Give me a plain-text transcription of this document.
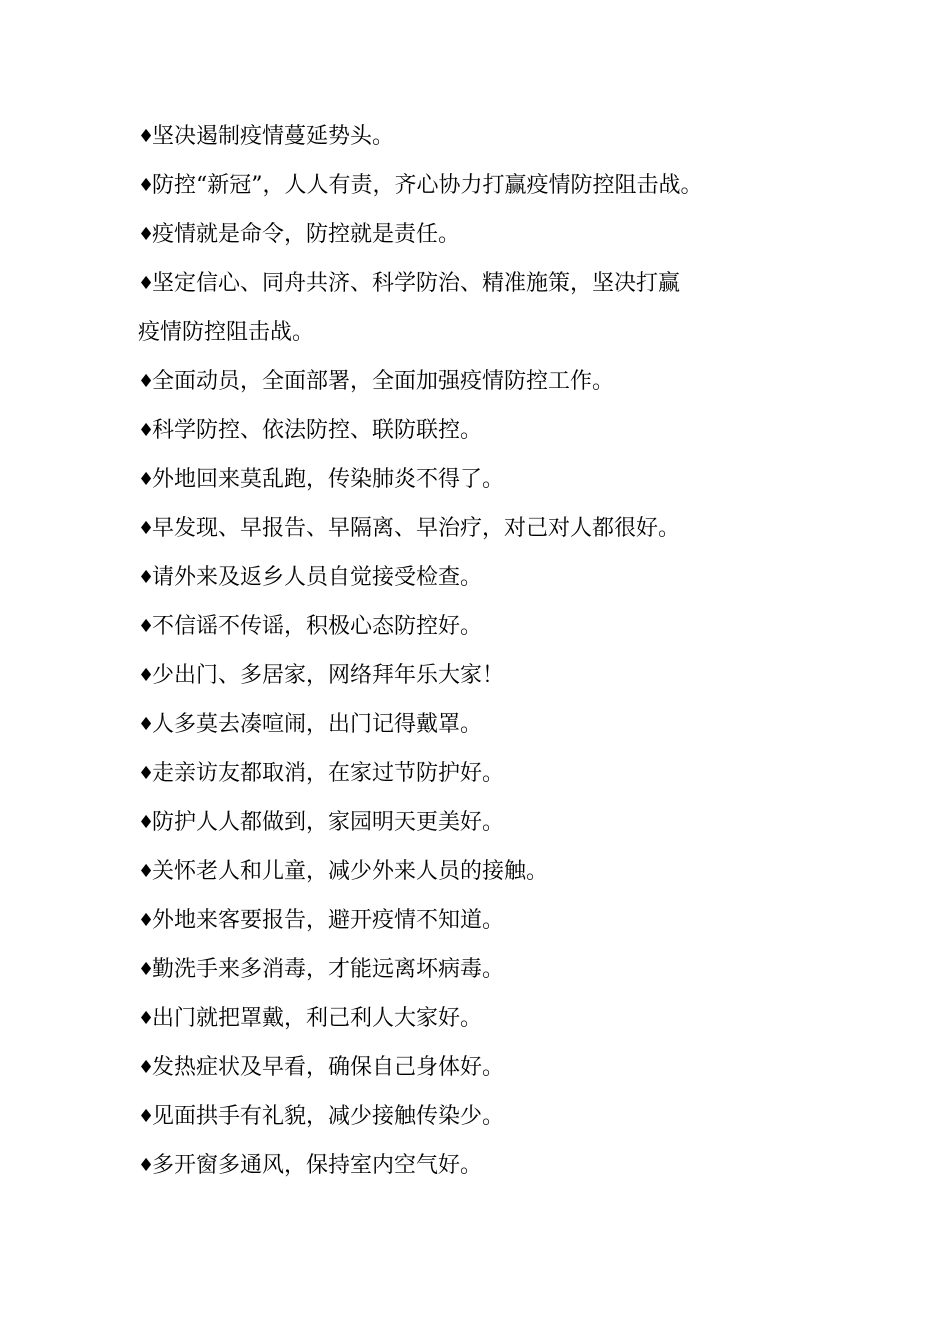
♦坚决遏制疫情蔓延势头。
♦防控“新冠”，人人有责，齐心协力打赢疫情防控阻击战。
♦疫情就是命令，防控就是责任。
♦坚定信心、同舟共济、科学防治、精准施策，坚决打赢
疫情防控阻击战。
♦全面动员，全面部署，全面加强疫情防控工作。
♦科学防控、依法防控、联防联控。
♦外地回来莫乱跑，传染肺炎不得了。
♦早发现、早报告、早隔离、早治疗，对己对人都很好。
♦请外来及返乡人员自觉接受检查。
♦不信谣不传谣，积极心态防控好。
♦少出门、多居家，网络拜年乐大家！
♦人多莫去凑喧闹，出门记得戴罩。
♦走亲访友都取消，在家过节防护好。
♦防护人人都做到，家园明天更美好。
♦关怀老人和儿童，减少外来人员的接触。
♦外地来客要报告，避开疫情不知道。
♦勤洗手来多消毒，才能远离坏病毒。
♦出门就把罩戴，利己利人大家好。
♦发热症状及早看，确保自己身体好。
♦见面拱手有礼貌，减少接触传染少。
♦多开窗多通风，保持室内空气好。
